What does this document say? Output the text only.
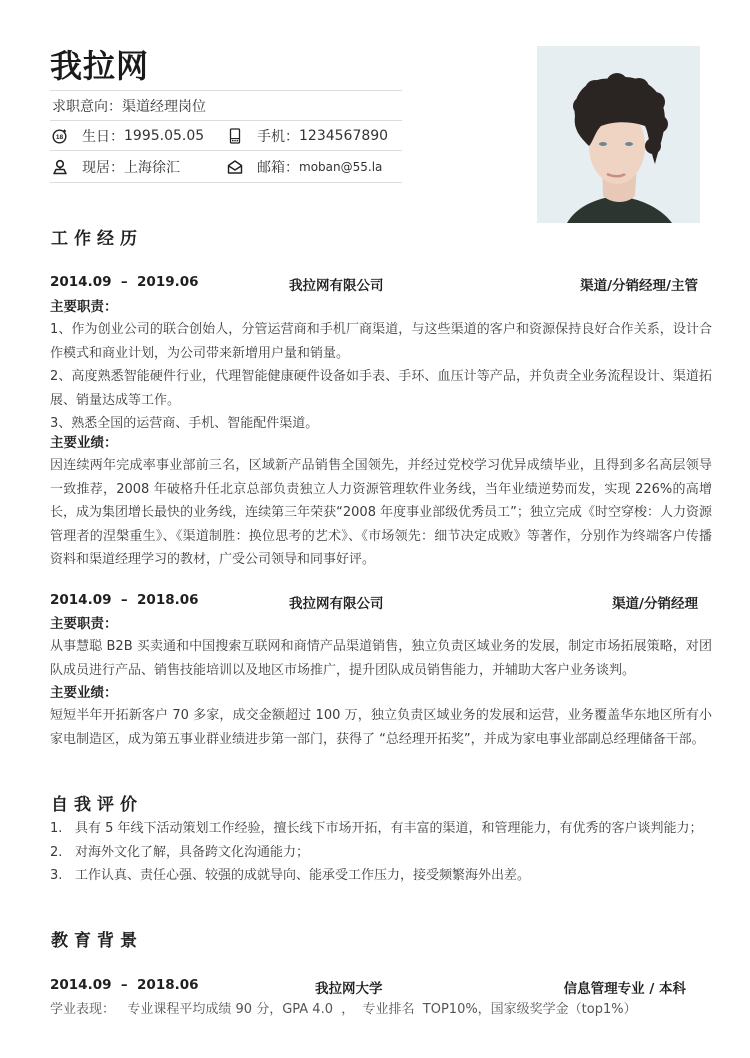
我拉网
求职意向：渠道经理岗位
18 生日： 1995.05.05	手机： 1234567890
现居： 上海徐汇	邮箱： moban@55.la
工作经历
2014.09  –  2019.06	我拉网有限公司	渠道/分销经理/主管
主要职责：

1、作为创业公司的联合创始人，分管运营商和手机厂商渠道，与这些渠道的客户和资源保持良好合作关系，设计合作模式和商业计划，为公司带来新增用户量和销量。

2、高度熟悉智能硬件行业，代理智能健康硬件设备如手表、手环、血压计等产品，并负责全业务流程设计、渠道拓展、销量达成等工作。

3、熟悉全国的运营商、手机、智能配件渠道。

主要业绩：
因连续两年完成率事业部前三名，区域新产品销售全国领先，并经过党校学习优异成绩毕业，且得到多名高层领导一致推荐，2008 年破格升任北京总部负责独立人力资源管理软件业务线，当年业绩逆势而发，实现 226%的高增长，成为集团增长最快的业务线，连续第三年荣获“2008 年度事业部级优秀员工”；独立完成《时空穿梭：人力资源管理者的涅槃重生》、《渠道制胜：换位思考的艺术》、《市场领先：细节决定成败》等著作，分别作为终端客户传播资料和渠道经理学习的教材，广受公司领导和同事好评。
2014.09  –  2018.06	我拉网有限公司	渠道/分销经理
主要职责：

从事慧聪 B2B 买卖通和中国搜索互联网和商情产品渠道销售，独立负责区域业务的发展，制定市场拓展策略，对团队成员进行产品、销售技能培训以及地区市场推广，提升团队成员销售能力，并辅助大客户业务谈判。

主要业绩：
短短半年开拓新客户 70 多家，成交金额超过 100 万，独立负责区域业务的发展和运营，业务覆盖华东地区所有小家电制造区，成为第五事业群业绩进步第一部门，获得了 “总经理开拓奖”，并成为家电事业部副总经理储备干部。
自我评价
1. 具有 5 年线下活动策划工作经验，擅长线下市场开拓，有丰富的渠道，和管理能力，有优秀的客户谈判能力；
2. 对海外文化了解，具备跨文化沟通能力；
3. 工作认真、责任心强、较强的成就导向、能承受工作压力，接受频繁海外出差。
教育背景
2014.09  –  2018.06	我拉网大学	信息管理专业 / 本科
学业表现：   专业课程平均成绩 90 分，GPA 4.0  ，  专业排名  TOP10%，国家级奖学金（top1%）
